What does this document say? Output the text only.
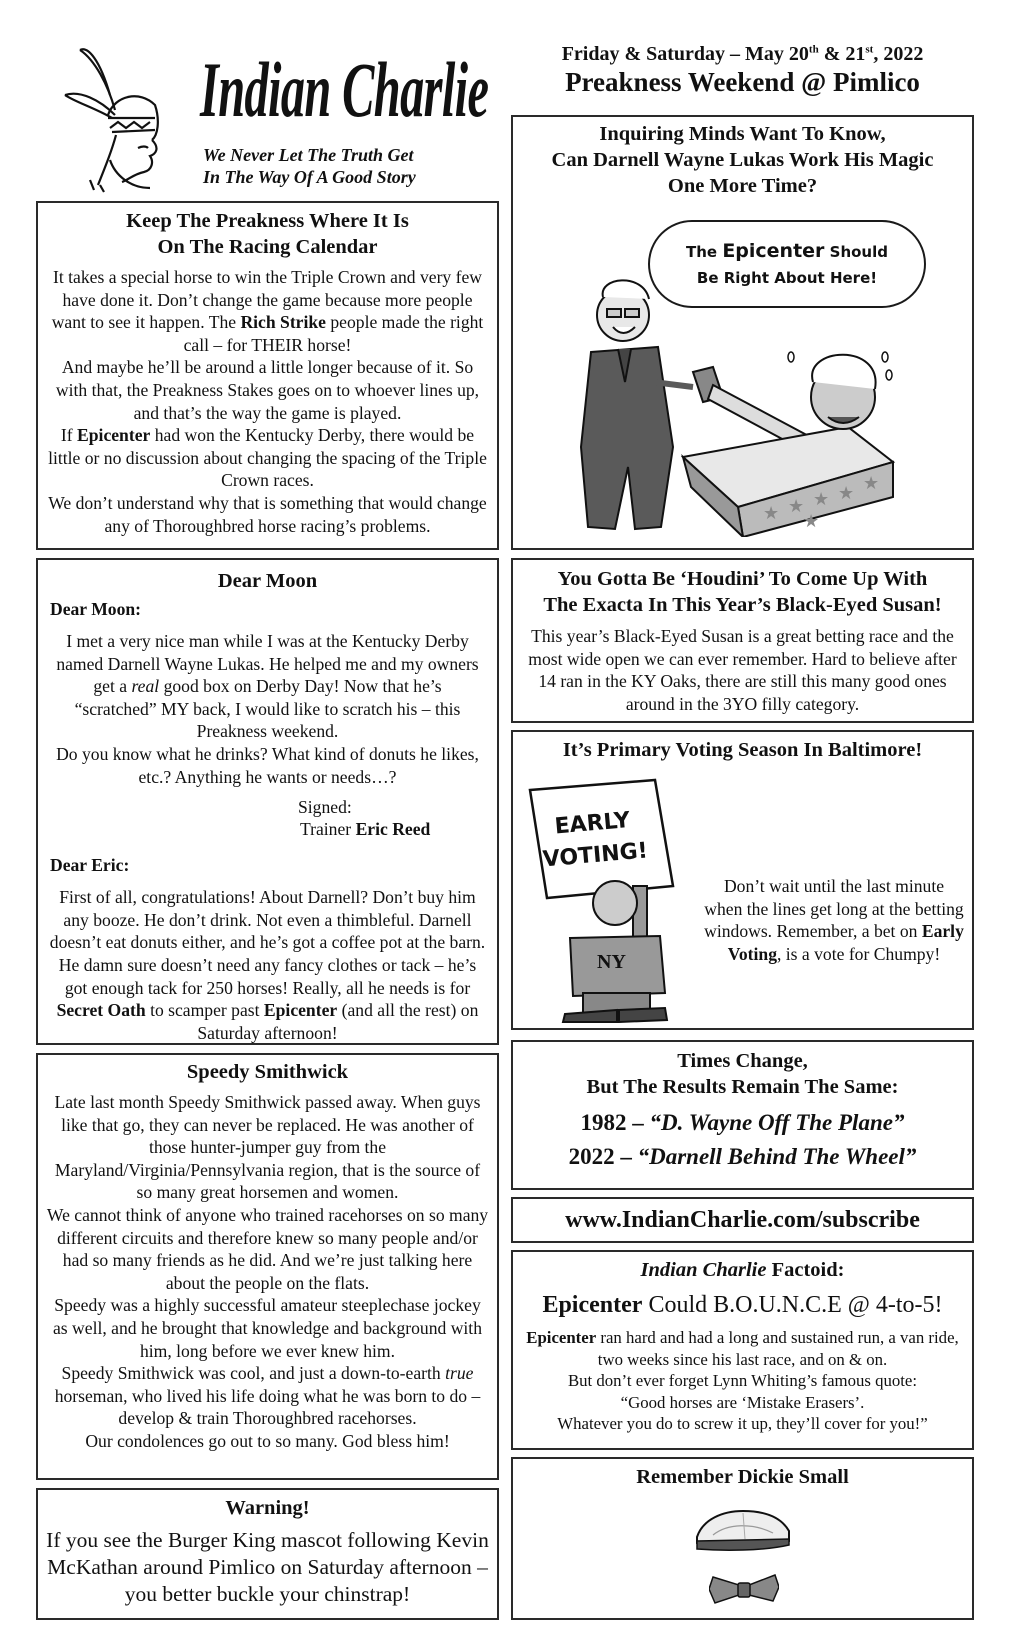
Indian Charlie
We Never Let The Truth Get
In The Way Of A Good Story
Friday & Saturday – May 20th & 21st, 2022
Preakness Weekend @ Pimlico
Keep The Preakness Where It Is
On The Racing Calendar
It takes a special horse to win the Triple Crown and very few have done it. Don’t change the game because more people want to see it happen. The Rich Strike people made the right call – for THEIR horse!
And maybe he’ll be around a little longer because of it. So with that, the Preakness Stakes goes on to whoever lines up, and that’s the way the game is played.
If Epicenter had won the Kentucky Derby, there would be little or no discussion about changing the spacing of the Triple Crown races.
We don’t understand why that is something that would change any of Thoroughbred horse racing’s problems.
Dear Moon
Dear Moon:
I met a very nice man while I was at the Kentucky Derby named Darnell Wayne Lukas. He helped me and my owners get a real good box on Derby Day! Now that he’s “scratched” MY back, I would like to scratch his – this Preakness weekend.
Do you know what he drinks? What kind of donuts he likes, etc.? Anything he wants or needs…?
Signed:
Trainer Eric Reed
Dear Eric:
First of all, congratulations! About Darnell? Don’t buy him any booze. He don’t drink. Not even a thimbleful. Darnell doesn’t eat donuts either, and he’s got a coffee pot at the barn. He damn sure doesn’t need any fancy clothes or tack – he’s got enough tack for 250 horses! Really, all he needs is for Secret Oath to scamper past Epicenter (and all the rest) on Saturday afternoon!
Speedy Smithwick
Late last month Speedy Smithwick passed away. When guys like that go, they can never be replaced. He was another of those hunter-jumper guy from the Maryland/Virginia/Pennsylvania region, that is the source of so many great horsemen and women.
We cannot think of anyone who trained racehorses on so many different circuits and therefore knew so many people and/or had so many friends as he did. And we’re just talking here about the people on the flats.
Speedy was a highly successful amateur steeplechase jockey as well, and he brought that knowledge and background with him, long before we ever knew him.
Speedy Smithwick was cool, and just a down-to-earth true horseman, who lived his life doing what he was born to do – develop & train Thoroughbred racehorses.
Our condolences go out to so many. God bless him!
Warning!
If you see the Burger King mascot following Kevin McKathan around Pimlico on Saturday afternoon – you better buckle your chinstrap!
Inquiring Minds Want To Know,
Can Darnell Wayne Lukas Work His Magic
One More Time?
★ ★ ★ ★ ★
★
The Epicenter Should
Be Right About Here!
You Gotta Be ‘Houdini’ To Come Up With
The Exacta In This Year’s Black-Eyed Susan!
This year’s Black-Eyed Susan is a great betting race and the most wide open we can ever remember. Hard to believe after 14 ran in the KY Oaks, there are still this many good ones around in the 3YO filly category.
It’s Primary Voting Season In Baltimore!
EARLY
VOTING!
NY
Don’t wait until the last minute when the lines get long at the betting windows. Remember, a bet on Early Voting, is a vote for Chumpy!
Times Change,
But The Results Remain The Same:
1982 – “D. Wayne Off The Plane”
2022 – “Darnell Behind The Wheel”
www.IndianCharlie.com/subscribe
Indian Charlie Factoid:
Epicenter Could B.O.U.N.C.E @ 4-to-5!
Epicenter ran hard and had a long and sustained run, a van ride, two weeks since his last race, and on & on.
But don’t ever forget Lynn Whiting’s famous quote:
“Good horses are ‘Mistake Erasers’.
Whatever you do to screw it up, they’ll cover for you!”
Remember Dickie Small
